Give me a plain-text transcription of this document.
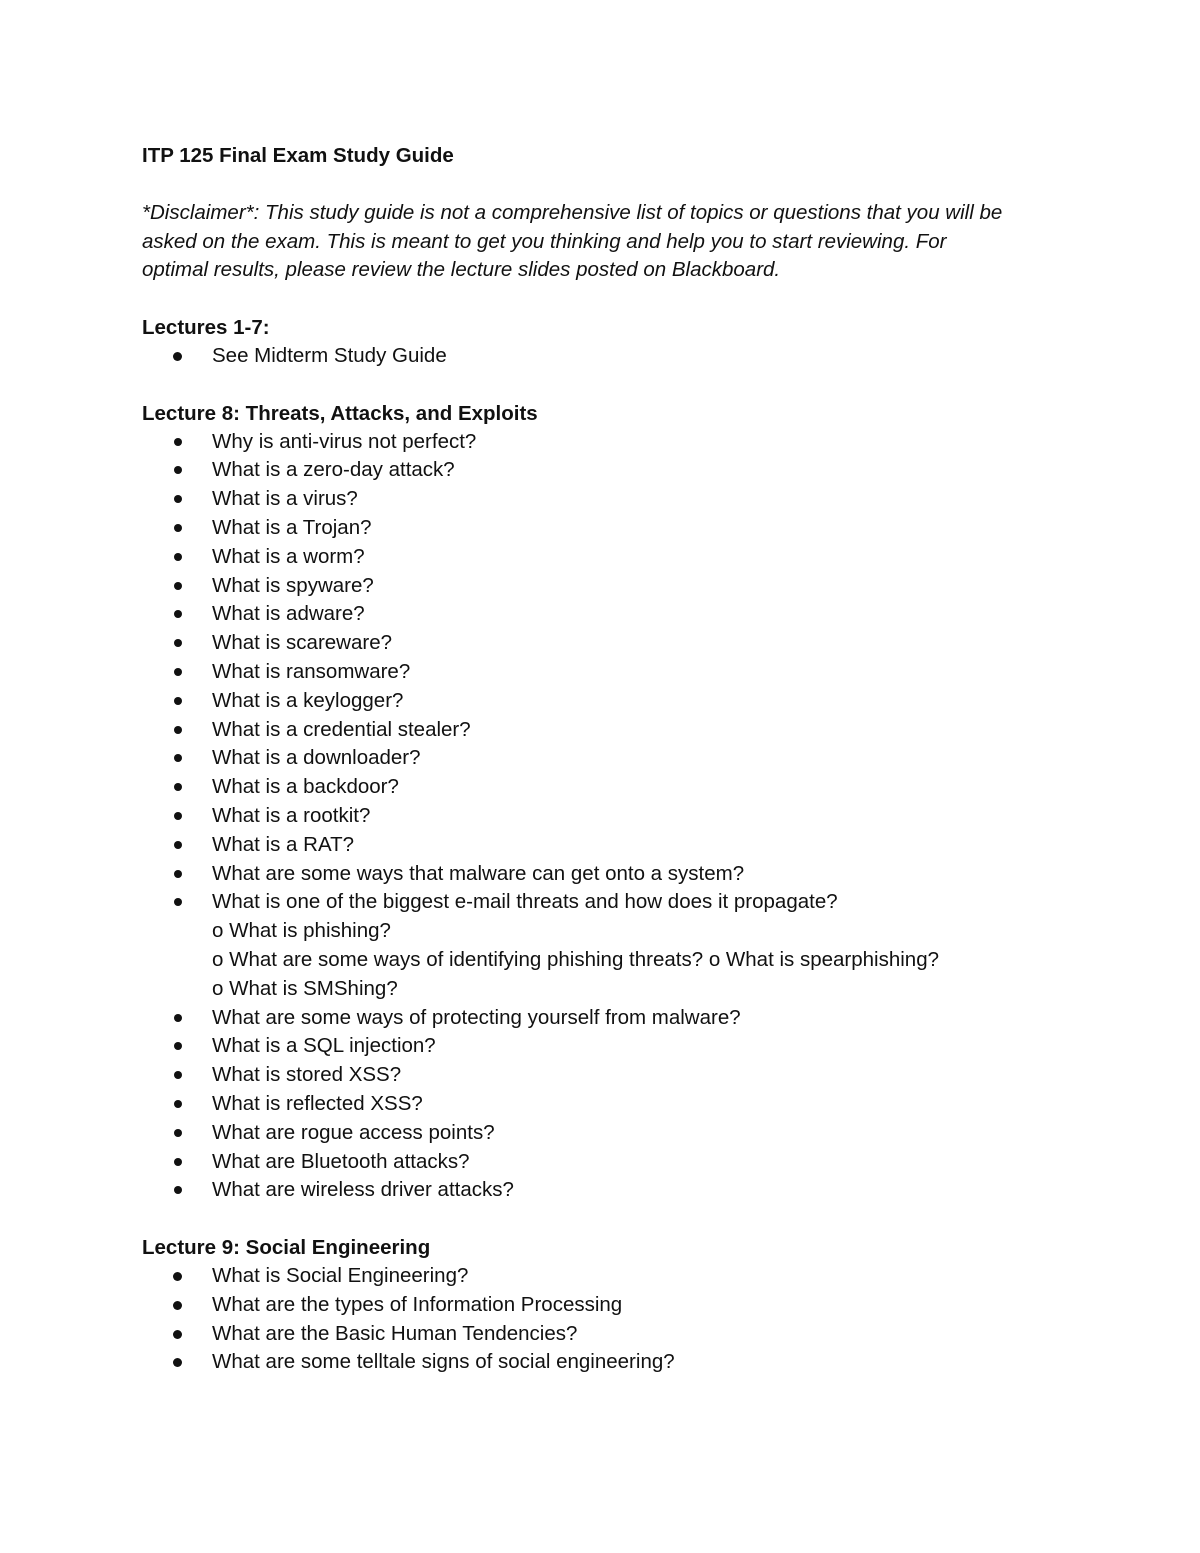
ITP 125 Final Exam Study Guide

*Disclaimer*: This study guide is not a comprehensive list of topics or questions that you will be
asked on the exam. This is meant to get you thinking and help you to start reviewing. For
optimal results, please review the lecture slides posted on Blackboard.

Lectures 1-7:

See Midterm Study Guide

Lecture 8: Threats, Attacks, and Exploits

Why is anti-virus not perfect?
What is a zero-day attack?
What is a virus?
What is a Trojan?
What is a worm?
What is spyware?
What is adware?
What is scareware?
What is ransomware?
What is a keylogger?
What is a credential stealer?
What is a downloader?
What is a backdoor?
What is a rootkit?
What is a RAT?
What are some ways that malware can get onto a system?
What is one of the biggest e-mail threats and how does it propagate?
o What is phishing?
o What are some ways of identifying phishing threats? o What is spearphishing?
o What is SMShing?
What are some ways of protecting yourself from malware?
What is a SQL injection?
What is stored XSS?
What is reflected XSS?
What are rogue access points?
What are Bluetooth attacks?
What are wireless driver attacks?

Lecture 9: Social Engineering

What is Social Engineering?
What are the types of Information Processing
What are the Basic Human Tendencies?
What are some telltale signs of social engineering?
